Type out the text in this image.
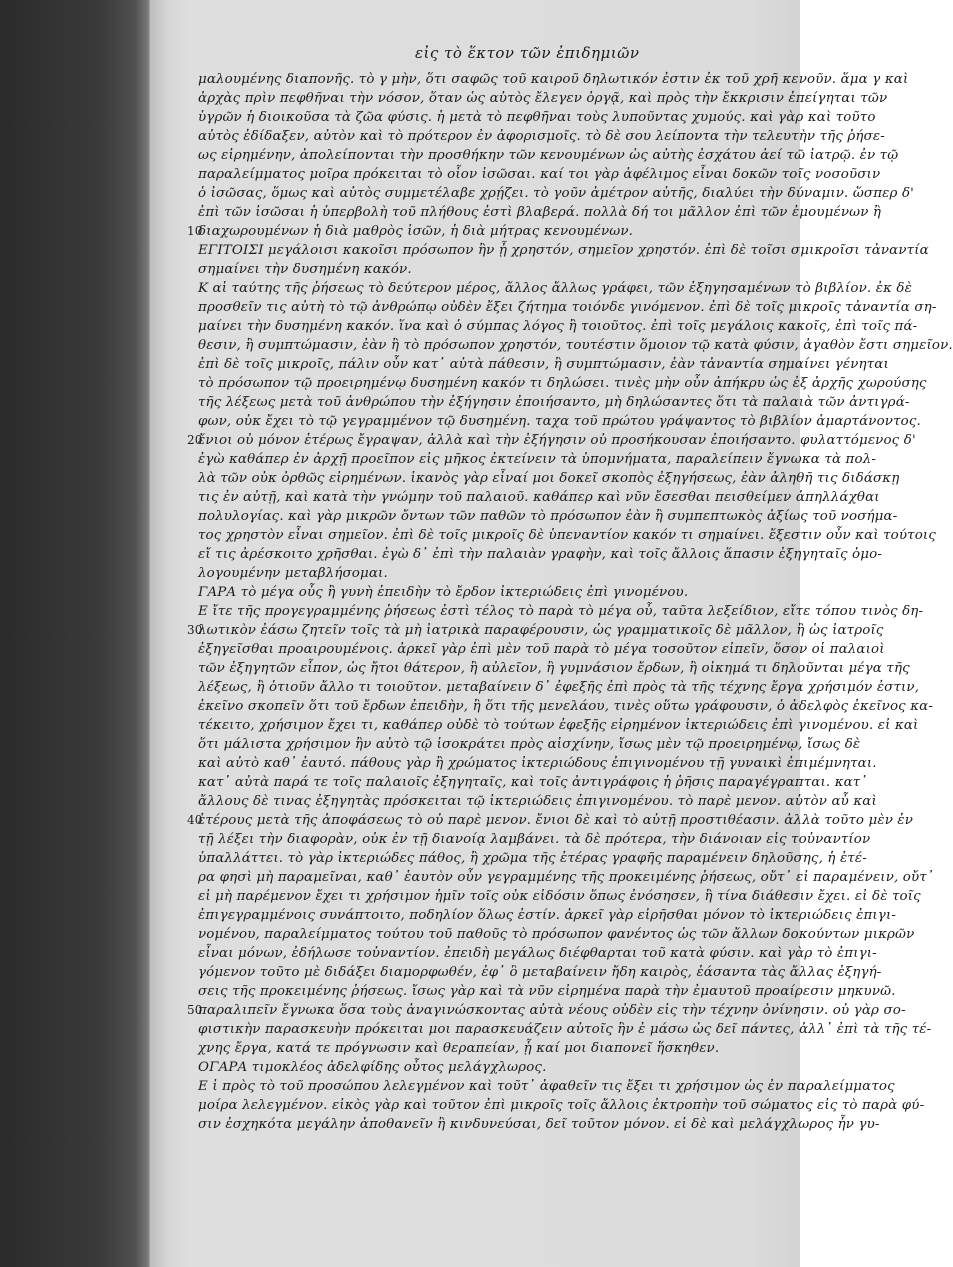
εἰς τὸ ἕκτον τῶν ἐπιδημιῶν
μαλουμένης διαπονῆς. τὸ γ μὴν, ὅτι σαφῶς τοῦ καιροῦ δηλωτικόν ἐστιν ἐκ τοῦ χρῆ κενοῦν. ἅμα γ καὶ
ἀρχὰς πρὶν πεφθῆναι τὴν νόσον, ὅταν ὡς αὐτὸς ἔλεγεν ὀργᾷ, καὶ πρὸς τὴν ἔκκρισιν ἐπείγηται τῶν
ὑγρῶν ἡ διοικοῦσα τὰ ζῶα φύσις. ἡ μετὰ τὸ πεφθῆναι τοὺς λυποῦντας χυμούς. καὶ γὰρ καὶ τοῦτο
αὐτὸς ἐδίδαξεν, αὐτὸν καὶ τὸ πρότερον ἐν ἀφορισμοῖς. τὸ δὲ σου λείποντα τὴν τελευτὴν τῆς ῥήσε-
ως εἰρημένην, ἀπολείπονται τὴν προσθήκην τῶν κενουμένων ὡς αὐτὴς ἐσχάτου ἀεί τῶ ἰατρῷ. ἐν τῷ
παραλείμματος μοῖρα πρόκειται τὸ οἷον ἰσῶσαι. καί τοι γὰρ ἀφέλιμος εἶναι δοκῶν τοῖς νοσοῦσιν
ὁ ἰσῶσας, ὅμως καὶ αὐτὸς συμμετέλαβε χρῄζει. τὸ γοῦν ἀμέτρον αὐτῆς, διαλύει τὴν δύναμιν. ὥσπερ δ'
ἐπὶ τῶν ἰσῶσαι ἡ ὑπερβολὴ τοῦ πλήθους ἐστὶ βλαβερά. πολλὰ δή τοι μᾶλλον ἐπὶ τῶν ἐμουμένων ἢ
10
διαχωρουμένων ἡ διὰ μαθρὸς ἰσῶν, ἡ διὰ μήτρας κενουμένων.
ΕΓΙΤΟΙΣΙ μεγάλοισι κακοῖσι πρόσωπον ἢν ᾖ χρηστόν, σημεῖον χρηστόν. ἐπὶ δὲ τοῖσι σμικροῖσι τἀναντία
σημαίνει τὴν δυσημένη κακόν.
Κ αἱ ταύτης τῆς ῥήσεως τὸ δεύτερον μέρος, ἄλλος ἄλλως γράφει, τῶν ἐξηγησαμένων τὸ βιβλίον. ἐκ δὲ
προσθεῖν τις αὐτὴ τὸ τῷ ἀνθρώπῳ οὐδὲν ἔξει ζήτημα τοιόνδε γινόμενον. ἐπὶ δὲ τοῖς μικροῖς τἀναντία ση-
μαίνει τὴν δυσημένη κακόν. ἵνα καὶ ὁ σύμπας λόγος ἢ τοιοῦτος. ἐπὶ τοῖς μεγάλοις κακοῖς, ἐπὶ τοῖς πά-
θεσιν, ἢ συμπτώμασιν, ἐὰν ἢ τὸ πρόσωπον χρηστόν, τουτέστιν ὅμοιον τῷ κατὰ φύσιν, ἀγαθὸν ἔστι σημεῖον.
ἐπὶ δὲ τοῖς μικροῖς, πάλιν οὖν κατ᾽ αὐτὰ πάθεσιν, ἢ συμπτώμασιν, ἐὰν τἀναντία σημαίνει γένηται
τὸ πρόσωπον τῷ προειρημένῳ δυσημένη κακόν τι δηλώσει. τινὲς μὴν οὖν ἀπήκρυ ὡς ἐξ ἀρχῆς χωρούσης
τῆς λέξεως μετὰ τοῦ ἀνθρώπου τὴν ἐξήγησιν ἐποιήσαντο, μὴ δηλώσαντες ὅτι τὰ παλαιὰ τῶν ἀντιγρά-
φων, οὐκ ἔχει τὸ τῷ γεγραμμένον τῷ δυσημένη. ταχα τοῦ πρώτου γράψαντος τὸ βιβλίον ἁμαρτάνοντος.
20
ἔνιοι οὐ μόνον ἑτέρως ἔγραψαν, ἀλλὰ καὶ τὴν ἐξήγησιν οὐ προσήκουσαν ἐποιήσαντο. φυλαττόμενος δ'
ἐγὼ καθάπερ ἐν ἀρχῇ προεῖπον εἰς μῆκος ἐκτείνειν τὰ ὑπομνήματα, παραλείπειν ἔγνωκα τὰ πολ-
λὰ τῶν οὐκ ὀρθῶς εἰρημένων. ἱκανὸς γὰρ εἶναί μοι δοκεῖ σκοπὸς ἐξηγήσεως, ἐὰν ἀληθῆ τις διδάσκῃ
τις ἐν αὐτῇ, καὶ κατὰ τὴν γνώμην τοῦ παλαιοῦ. καθάπερ καὶ νῦν ἔσεσθαι πεισθείμεν ἀπηλλάχθαι
πολυλογίας. καὶ γὰρ μικρῶν ὄντων τῶν παθῶν τὸ πρόσωπον ἐὰν ἢ συμπεπτωκὸς ἀξίως τοῦ νοσήμα-
τος χρηστὸν εἶναι σημεῖον. ἐπὶ δὲ τοῖς μικροῖς δὲ ὑπεναντίον κακόν τι σημαίνει. ἔξεστιν οὖν καὶ τούτοις
εἴ τις ἀρέσκοιτο χρῆσθαι. ἐγὼ δ᾽ ἐπὶ τὴν παλαιὰν γραφὴν, καὶ τοῖς ἄλλοις ἅπασιν ἐξηγηταῖς ὁμο-
λογουμένην μεταβλήσομαι.
ΓΑΡΑ τὸ μέγα οὖς ἢ γυνὴ ἐπειδὴν τὸ ἔρδον ἰκτεριώδεις ἐπὶ γινομένου.
Ε ἴτε τῆς προγεγραμμένης ῥήσεως ἐστὶ τέλος τὸ παρὰ τὸ μέγα οὖ, ταῦτα λεξείδιον, εἴτε τόπου τινὸς δη-
30
λωτικὸν ἐάσω ζητεῖν τοῖς τὰ μὴ ἰατρικὰ παραφέρουσιν, ὡς γραμματικοῖς δὲ μᾶλλον, ἢ ὡς ἰατροῖς
ἐξηγεῖσθαι προαιρουμένοις. ἀρκεῖ γὰρ ἐπὶ μὲν τοῦ παρὰ τὸ μέγα τοσοῦτον εἰπεῖν, ὅσον οἱ παλαιοὶ
τῶν ἐξηγητῶν εἶπον, ὡς ἤτοι θάτερον, ἢ αὐλεῖον, ἢ γυμνάσιον ἔρδων, ἢ οἰκημά τι δηλοῦνται μέγα τῆς
λέξεως, ἢ ὁτιοῦν ἄλλο τι τοιοῦτον. μεταβαίνειν δ᾽ ἐφεξῆς ἐπὶ πρὸς τὰ τῆς τέχνης ἔργα χρήσιμόν ἐστιν,
ἐκεῖνο σκοπεῖν ὅτι τοῦ ἔρδων ἐπειδὴν, ἢ ὅτι τῆς μενελάου, τινὲς οὕτω γράφουσιν, ὁ ἀδελφὸς ἐκεῖνος κα-
τέκειτο, χρήσιμον ἔχει τι, καθάπερ οὐδὲ τὸ τούτων ἐφεξῆς εἰρημένον ἰκτεριώδεις ἐπὶ γινομένου. εἰ καὶ
ὅτι μάλιστα χρήσιμον ἢν αὐτὸ τῷ ἰσοκράτει πρὸς αἰσχίνην, ἴσως μὲν τῷ προειρημένῳ, ἴσως δὲ
καὶ αὐτὸ καθ᾽ ἑαυτό. πάθους γὰρ ἢ χρώματος ἰκτεριώδους ἐπιγινομένου τῇ γυναικὶ ἐπιμέμνηται.
κατ᾽ αὐτὰ παρά τε τοῖς παλαιοῖς ἐξηγηταῖς, καὶ τοῖς ἀντιγράφοις ἡ ῥῆσις παραγέγραπται. κατ᾽
ἄλλους δὲ τινας ἐξηγητὰς πρόσκειται τῷ ἰκτεριώδεις ἐπιγινομένου. τὸ παρὲ μενον. αὐτὸν αὖ καὶ
40
ἑτέρους μετὰ τῆς ἀποφάσεως τὸ οὐ παρὲ μενον. ἔνιοι δὲ καὶ τὸ αὐτῇ προστιθέασιν. ἀλλὰ τοῦτο μὲν ἐν
τῇ λέξει τὴν διαφορὰν, οὐκ ἐν τῇ διανοίᾳ λαμβάνει. τὰ δὲ πρότερα, τὴν διάνοιαν εἰς τοὐναντίον
ὑπαλλάττει. τὸ γὰρ ἰκτεριώδες πάθος, ἢ χρῶμα τῆς ἑτέρας γραφῆς παραμένειν δηλοῦσης, ἡ ἑτέ-
ρα φησὶ μὴ παραμεῖναι, καθ᾽ ἑαυτὸν οὖν γεγραμμένης τῆς προκειμένης ῥήσεως, οὔτ᾽ εἰ παραμένειν, οὔτ᾽
εἰ μὴ παρέμενον ἔχει τι χρήσιμον ἡμῖν τοῖς οὐκ εἰδόσιν ὅπως ἐνόσησεν, ἢ τίνα διάθεσιν ἔχει. εἰ δὲ τοῖς
ἐπιγεγραμμένοις συνάπτοιτο, ποδηλίον ὅλως ἐστίν. ἀρκεῖ γὰρ εἰρῆσθαι μόνον τὸ ἰκτεριώδεις ἐπιγι-
νομένου, παραλείμματος τούτου τοῦ παθοῦς τὸ πρόσωπον φανέντος ὡς τῶν ἄλλων δοκούντων μικρῶν
εἶναι μόνων, ἐδήλωσε τοὐναντίον. ἐπειδὴ μεγάλως διέφθαρται τοῦ κατὰ φύσιν. καὶ γὰρ τὸ ἐπιγι-
γόμενον τοῦτο μὲ διδάξει διαμορφωθέν, ἐφ᾽ ὃ μεταβαίνειν ἤδη καιρὸς, ἐάσαντα τὰς ἄλλας ἐξηγή-
σεις τῆς προκειμένης ῥήσεως. ἴσως γὰρ καὶ τὰ νῦν εἰρημένα παρὰ τὴν ἐμαυτοῦ προαίρεσιν μηκυνῶ.
50
παραλιπεῖν ἔγνωκα ὅσα τοὺς ἀναγινώσκοντας αὐτὰ νέους οὐδὲν εἰς τὴν τέχνην ὀνίνησιν. οὐ γὰρ σο-
φιστικὴν παρασκευὴν πρόκειται μοι παρασκευάζειν αὐτοῖς ἢν ἐ μάσω ὡς δεῖ πάντες, ἀλλ᾽ ἐπὶ τὰ τῆς τέ-
χνης ἔργα, κατά τε πρόγνωσιν καὶ θεραπείαν, ᾗ καί μοι διαπονεῖ ἥσκηθεν.
ΟΓΑΡΑ τιμοκλέος ἀδελφίδης οὗτος μελάγχλωρος.
Ε ἰ πρὸς τὸ τοῦ προσώπου λελεγμένον καὶ τοῦτ᾽ ἀφαθεῖν τις ἔξει τι χρήσιμον ὡς ἐν παραλείμματος
μοίρα λελεγμένον. εἰκὸς γὰρ καὶ τοῦτον ἐπὶ μικροῖς τοῖς ἄλλοις ἐκτροπὴν τοῦ σώματος εἰς τὸ παρὰ φύ-
σιν ἐσχηκότα μεγάλην ἀποθανεῖν ἢ κινδυνεύσαι, δεῖ τοῦτον μόνον. εἰ δὲ καὶ μελάγχλωρος ἦν γυ-
